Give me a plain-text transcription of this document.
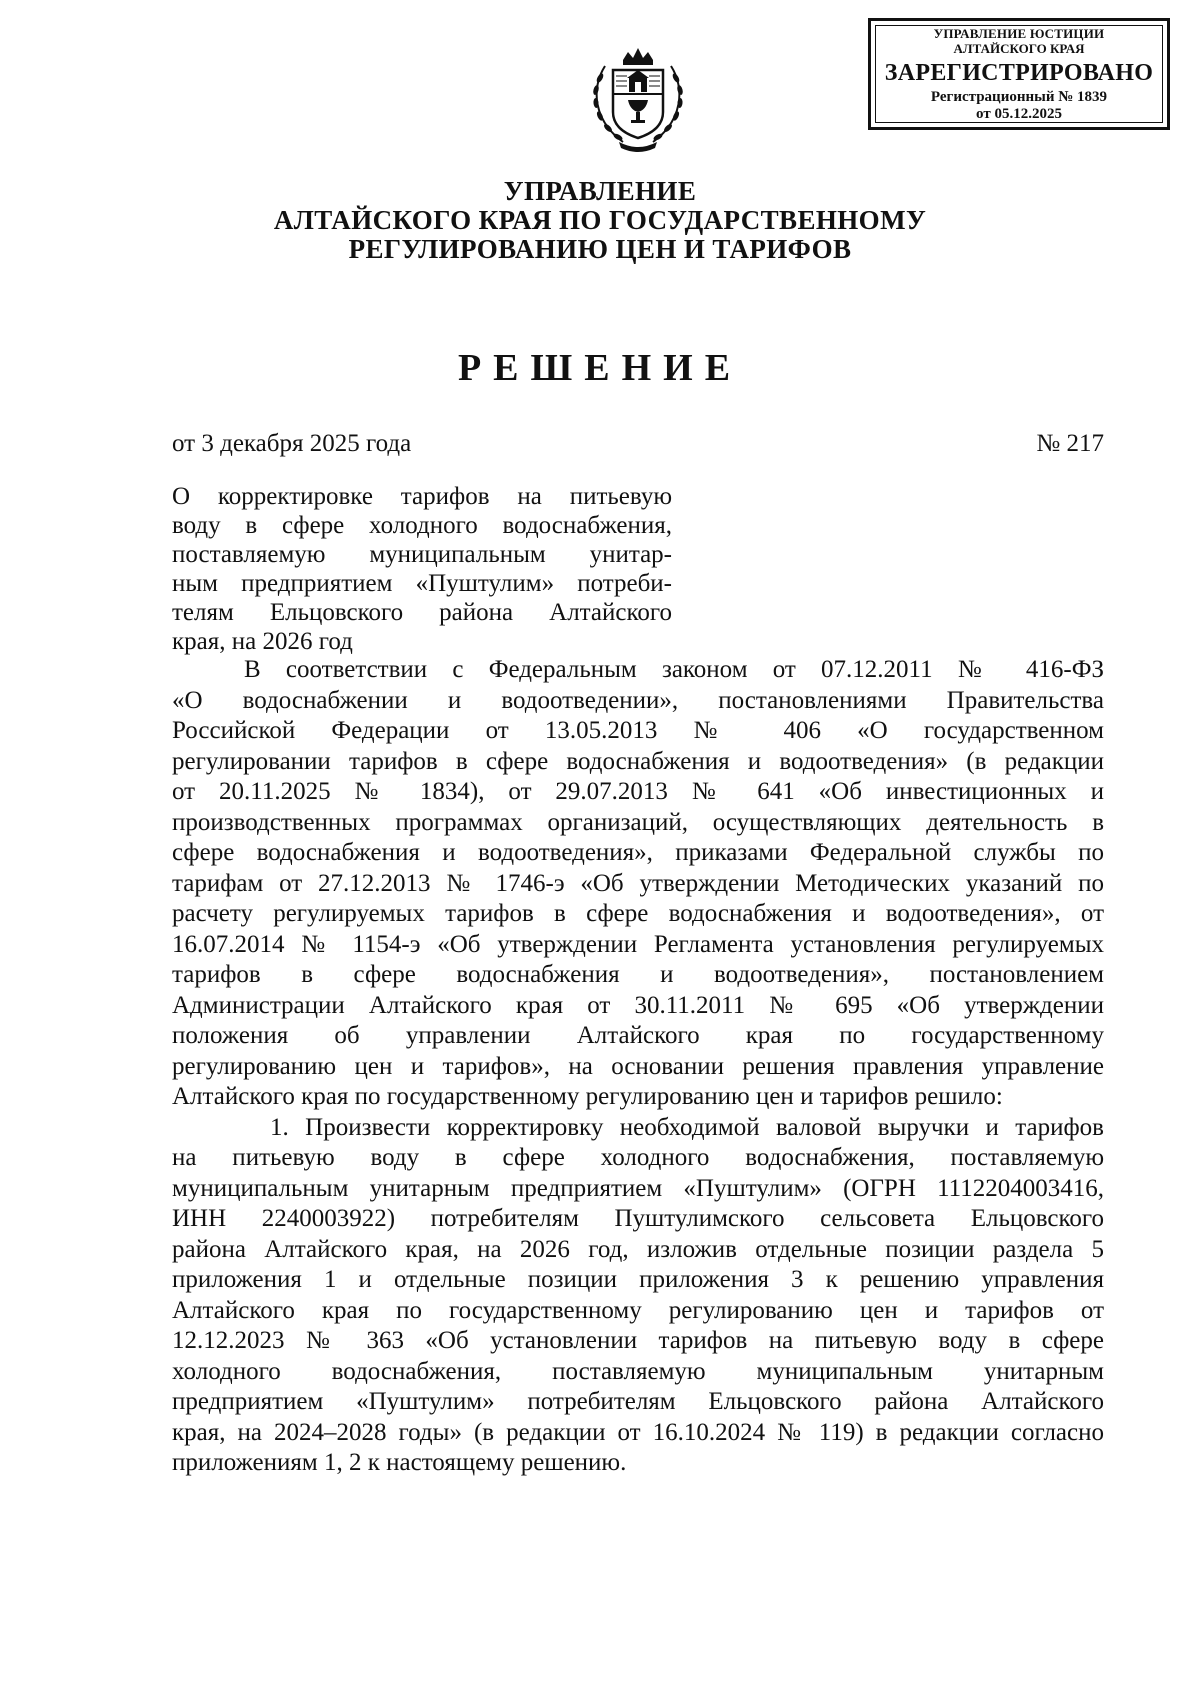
УПРАВЛЕНИЕ ЮСТИЦИИ
АЛТАЙСКОГО КРАЯ
ЗАРЕГИСТРИРОВАНО
Регистрационный № 1839
от 05.12.2025
УПРАВЛЕНИЕ
АЛТАЙСКОГО КРАЯ ПО ГОСУДАРСТВЕННОМУ
РЕГУЛИРОВАНИЮ ЦЕН И ТАРИФОВ
РЕШЕНИЕ
от 3 декабря 2025 года	№ 217
О корректировке тарифов на питьевую
воду в сфере холодного водоснабжения,
поставляемую муниципальным унитар-
ным предприятием «Пуштулим» потреби-
телям Ельцовского района Алтайского
края, на 2026 год
В соответствии с Федеральным законом от 07.12.2011 № 416-ФЗ
«О водоснабжении и водоотведении», постановлениями Правительства
Российской Федерации от 13.05.2013 № 406 «О государственном
регулировании тарифов в сфере водоснабжения и водоотведения» (в редакции
от 20.11.2025 № 1834), от 29.07.2013 № 641 «Об инвестиционных и
производственных программах организаций, осуществляющих деятельность в
сфере водоснабжения и водоотведения», приказами Федеральной службы по
тарифам от 27.12.2013 № 1746-э «Об утверждении Методических указаний по
расчету регулируемых тарифов в сфере водоснабжения и водоотведения», от
16.07.2014 № 1154-э «Об утверждении Регламента установления регулируемых
тарифов в сфере водоснабжения и водоотведения», постановлением
Администрации Алтайского края от 30.11.2011 № 695 «Об утверждении
положения об управлении Алтайского края по государственному
регулированию цен и тарифов», на основании решения правления управление
Алтайского края по государственному регулированию цен и тарифов решило:
1. Произвести корректировку необходимой валовой выручки и тарифов
на питьевую воду в сфере холодного водоснабжения, поставляемую
муниципальным унитарным предприятием «Пуштулим» (ОГРН 1112204003416,
ИНН 2240003922) потребителям Пуштулимского сельсовета Ельцовского
района Алтайского края, на 2026 год, изложив отдельные позиции раздела 5
приложения 1 и отдельные позиции приложения 3 к решению управления
Алтайского края по государственному регулированию цен и тарифов от
12.12.2023 № 363 «Об установлении тарифов на питьевую воду в сфере
холодного водоснабжения, поставляемую муниципальным унитарным
предприятием «Пуштулим» потребителям Ельцовского района Алтайского
края, на 2024–2028 годы» (в редакции от 16.10.2024 № 119) в редакции согласно
приложениям 1, 2 к настоящему решению.
